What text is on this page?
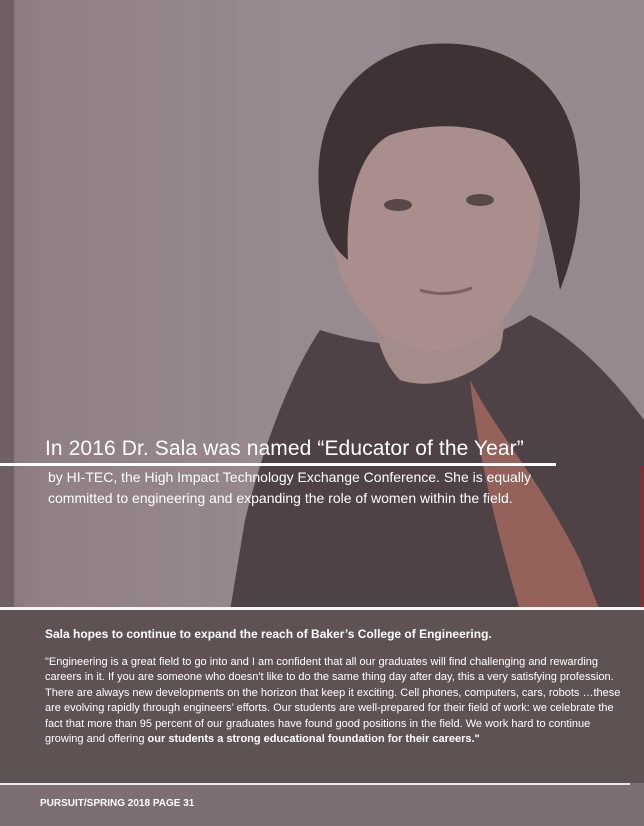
In 2016 Dr. Sala was named “Educator of the Year”
by HI-TEC, the High Impact Technology Exchange Conference. She is equally committed to engineering and expanding the role of women within the field.
Sala hopes to continue to expand the reach of Baker’s College of Engineering.
"Engineering is a great field to go into and I am confident that all our graduates will find challenging and rewarding careers in it. If you are someone who doesn't like to do the same thing day after day, this a very satisfying profession. There are always new developments on the horizon that keep it exciting. Cell phones, computers, cars, robots …these are evolving rapidly through engineers’ efforts. Our students are well-prepared for their field of work: we celebrate the fact that more than 95 percent of our graduates have found good positions in the field. We work hard to continue growing and offering our students a strong educational foundation for their careers."
PURSUIT/SPRING 2018 PAGE 31
